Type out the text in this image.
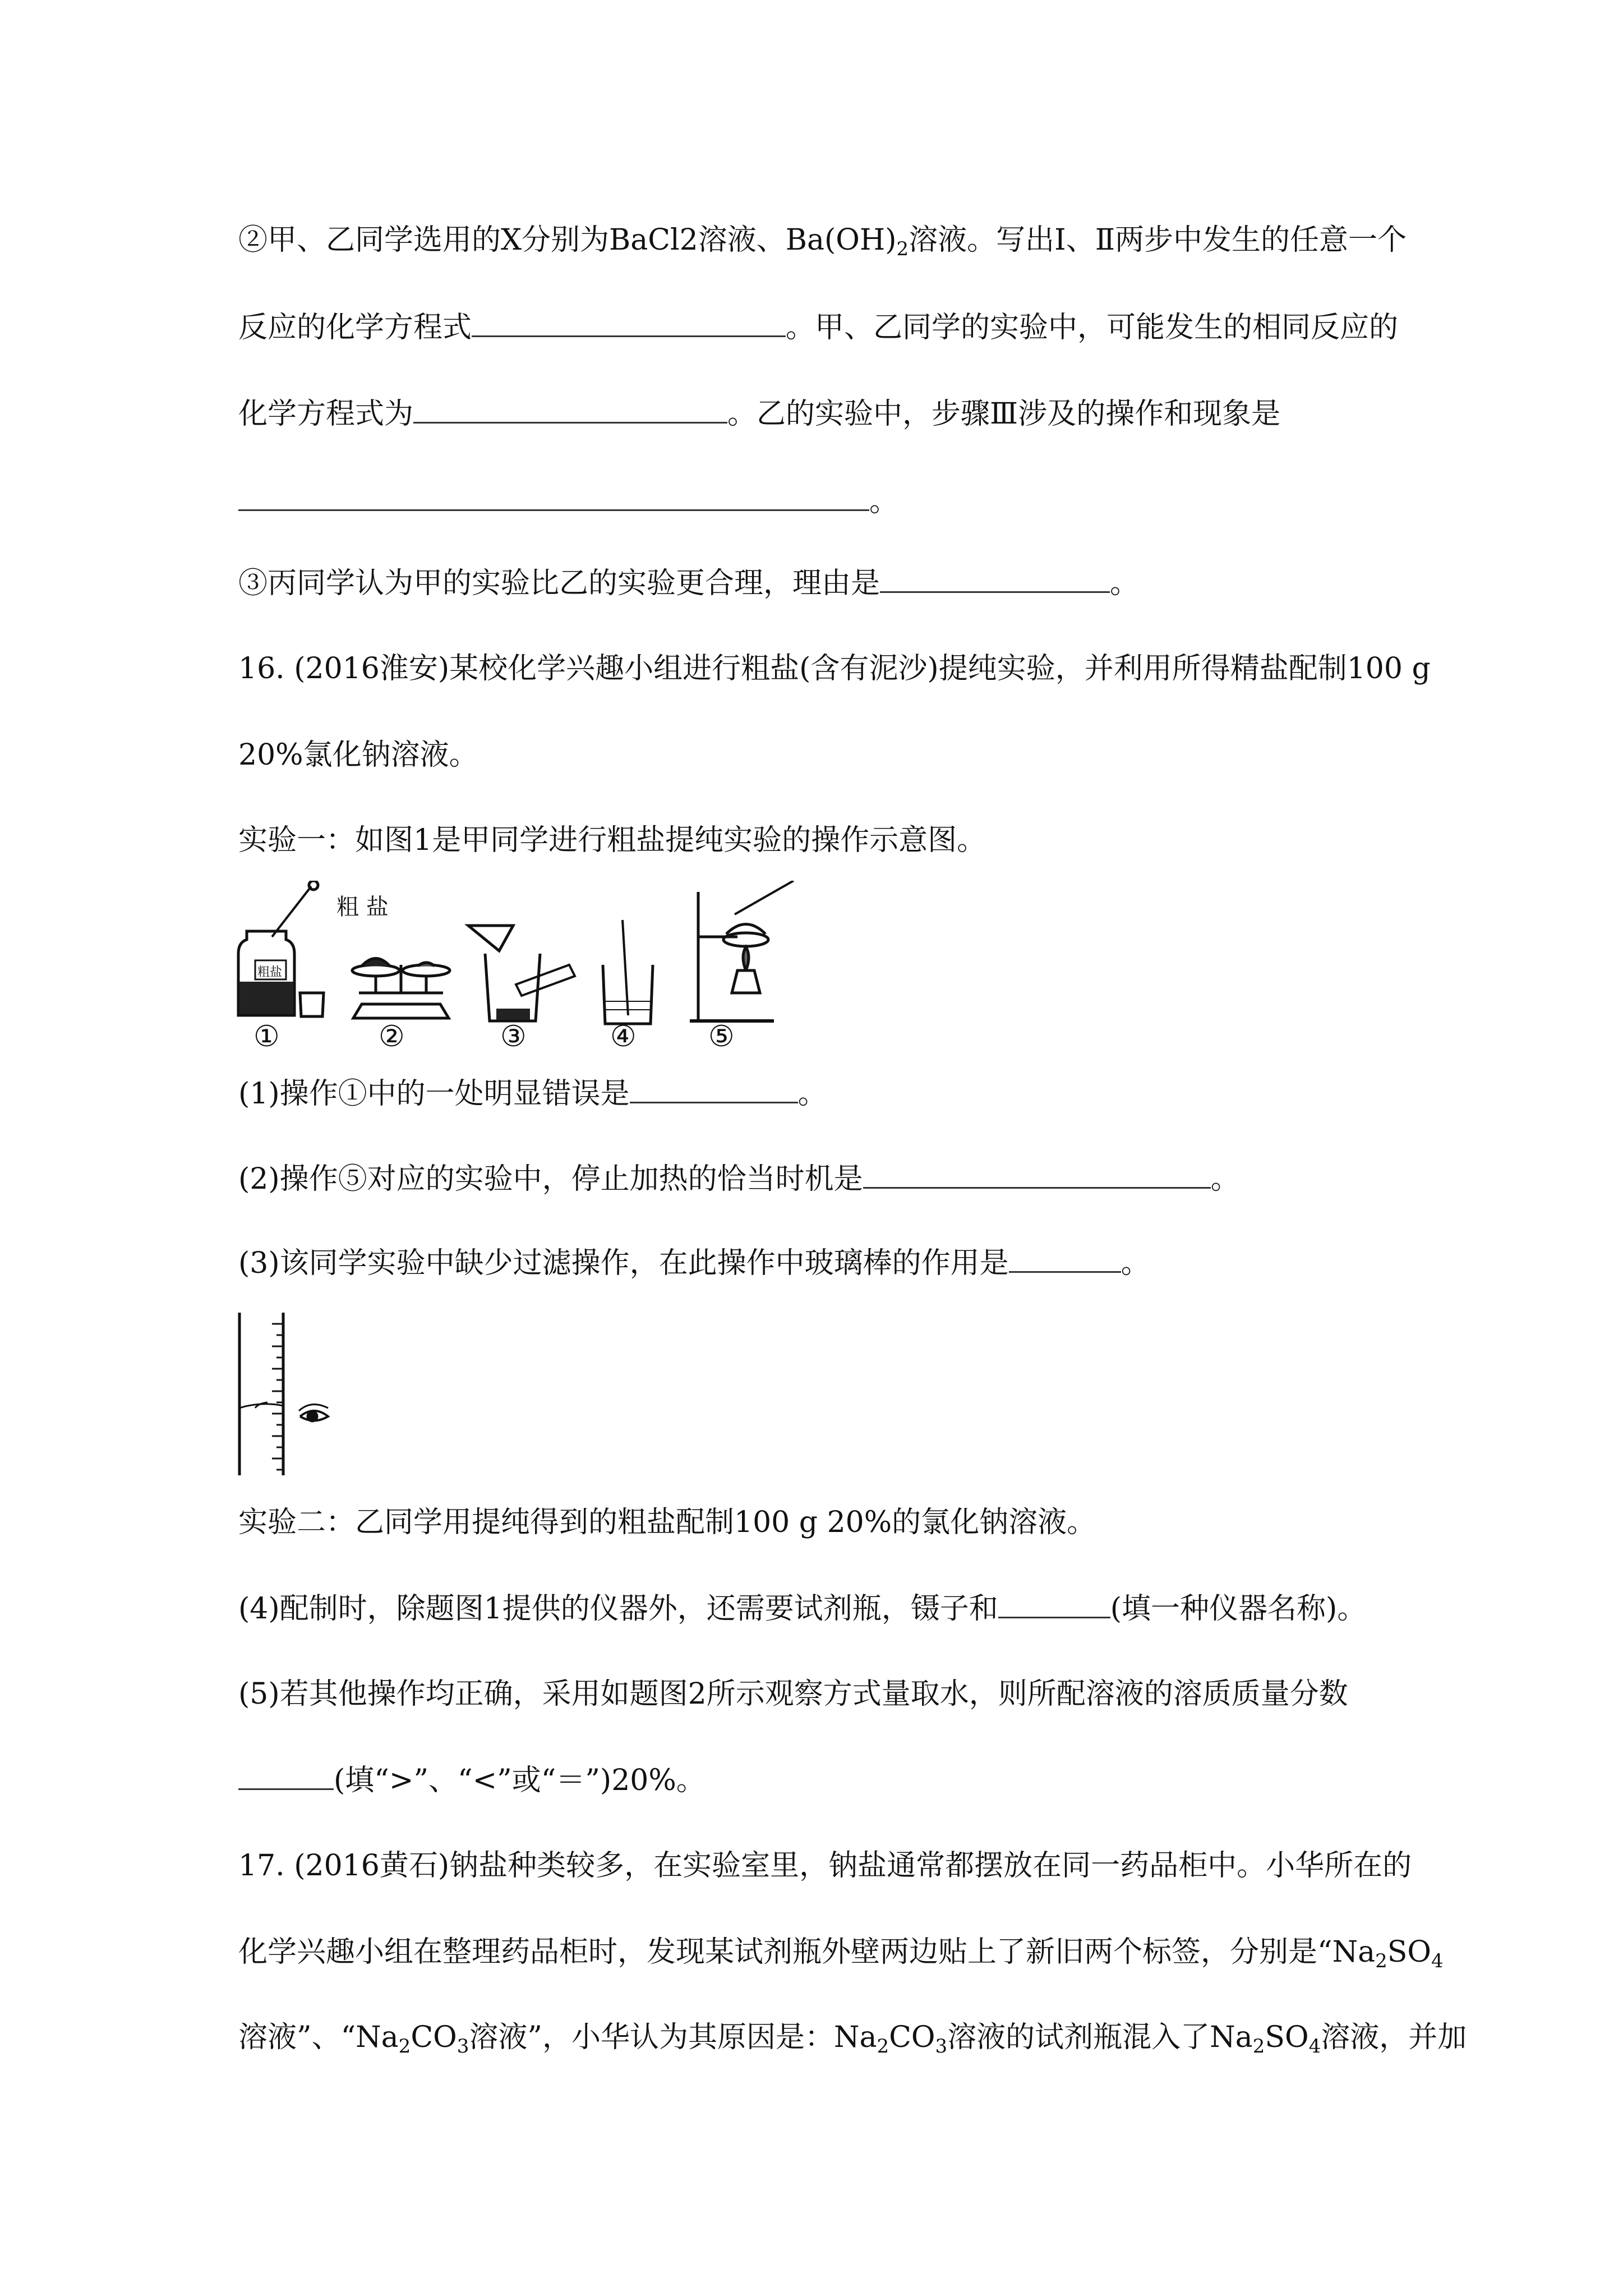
②甲、乙同学选用的X分别为BaCl2溶液、$Ba(OH)_2$溶液。写出Ⅰ、Ⅱ两步中发生的任意一个
反应的化学方程式	。甲、乙同学的实验中，可能发生的相同反应的
化学方程式为	。乙的实验中，步骤Ⅲ涉及的操作和现象是
。
③丙同学认为甲的实验比乙的实验更合理，理由是	。
16. (2016淮安)某校化学兴趣小组进行粗盐(含有泥沙)提纯实验，并利用所得精盐配制100 g
20%氯化钠溶液。
实验一：如图1是甲同学进行粗盐提纯实验的操作示意图。
粗 盐
粗盐
①	②	③	④ ⑤
(1)操作①中的一处明显错误是	。
(2)操作⑤对应的实验中，停止加热的恰当时机是	。
(3)该同学实验中缺少过滤操作，在此操作中玻璃棒的作用是	。
实验二：乙同学用提纯得到的粗盐配制100 g 20%的氯化钠溶液。
(4)配制时，除题图1提供的仪器外，还需要试剂瓶，镊子和	(填一种仪器名称)。
(5)若其他操作均正确，采用如题图2所示观察方式量取水，则所配溶液的溶质质量分数
(填“>”、“<”或“＝”)20%。
17. (2016黄石)钠盐种类较多，在实验室里，钠盐通常都摆放在同一药品柜中。小华所在的
化学兴趣小组在整理药品柜时，发现某试剂瓶外壁两边贴上了新旧两个标签，分别是“$Na_2SO_4$
溶液”、“$Na_2CO_3$溶液”，小华认为其原因是：$Na_2CO_3$溶液的试剂瓶混入了$Na_2SO_4$溶液，并加
